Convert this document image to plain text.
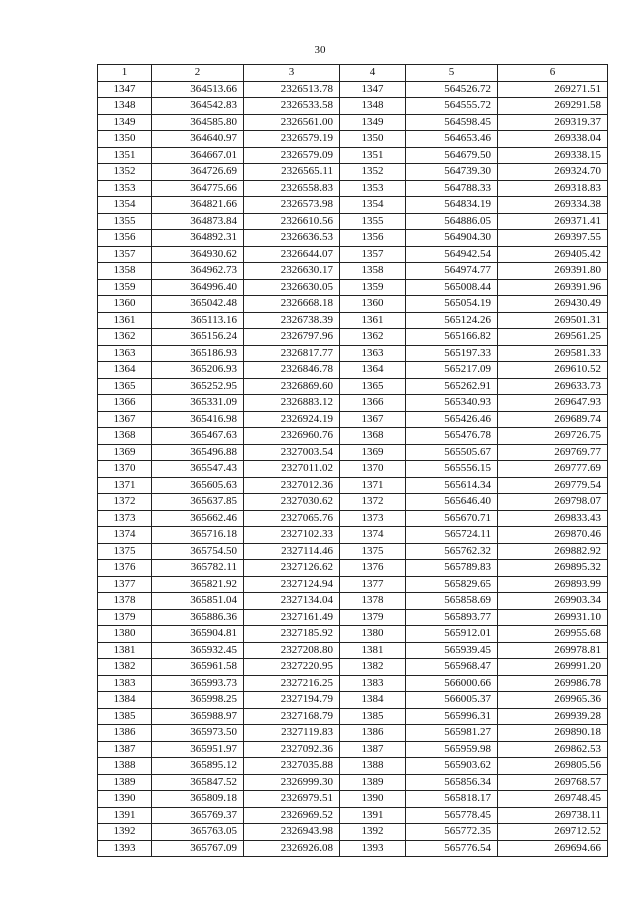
30
1	2	3	4	5	6
1347	364513.66	2326513.78	1347	564526.72	269271.51
1348	364542.83	2326533.58	1348	564555.72	269291.58
1349	364585.80	2326561.00	1349	564598.45	269319.37
1350	364640.97	2326579.19	1350	564653.46	269338.04
1351	364667.01	2326579.09	1351	564679.50	269338.15
1352	364726.69	2326565.11	1352	564739.30	269324.70
1353	364775.66	2326558.83	1353	564788.33	269318.83
1354	364821.66	2326573.98	1354	564834.19	269334.38
1355	364873.84	2326610.56	1355	564886.05	269371.41
1356	364892.31	2326636.53	1356	564904.30	269397.55
1357	364930.62	2326644.07	1357	564942.54	269405.42
1358	364962.73	2326630.17	1358	564974.77	269391.80
1359	364996.40	2326630.05	1359	565008.44	269391.96
1360	365042.48	2326668.18	1360	565054.19	269430.49
1361	365113.16	2326738.39	1361	565124.26	269501.31
1362	365156.24	2326797.96	1362	565166.82	269561.25
1363	365186.93	2326817.77	1363	565197.33	269581.33
1364	365206.93	2326846.78	1364	565217.09	269610.52
1365	365252.95	2326869.60	1365	565262.91	269633.73
1366	365331.09	2326883.12	1366	565340.93	269647.93
1367	365416.98	2326924.19	1367	565426.46	269689.74
1368	365467.63	2326960.76	1368	565476.78	269726.75
1369	365496.88	2327003.54	1369	565505.67	269769.77
1370	365547.43	2327011.02	1370	565556.15	269777.69
1371	365605.63	2327012.36	1371	565614.34	269779.54
1372	365637.85	2327030.62	1372	565646.40	269798.07
1373	365662.46	2327065.76	1373	565670.71	269833.43
1374	365716.18	2327102.33	1374	565724.11	269870.46
1375	365754.50	2327114.46	1375	565762.32	269882.92
1376	365782.11	2327126.62	1376	565789.83	269895.32
1377	365821.92	2327124.94	1377	565829.65	269893.99
1378	365851.04	2327134.04	1378	565858.69	269903.34
1379	365886.36	2327161.49	1379	565893.77	269931.10
1380	365904.81	2327185.92	1380	565912.01	269955.68
1381	365932.45	2327208.80	1381	565939.45	269978.81
1382	365961.58	2327220.95	1382	565968.47	269991.20
1383	365993.73	2327216.25	1383	566000.66	269986.78
1384	365998.25	2327194.79	1384	566005.37	269965.36
1385	365988.97	2327168.79	1385	565996.31	269939.28
1386	365973.50	2327119.83	1386	565981.27	269890.18
1387	365951.97	2327092.36	1387	565959.98	269862.53
1388	365895.12	2327035.88	1388	565903.62	269805.56
1389	365847.52	2326999.30	1389	565856.34	269768.57
1390	365809.18	2326979.51	1390	565818.17	269748.45
1391	365769.37	2326969.52	1391	565778.45	269738.11
1392	365763.05	2326943.98	1392	565772.35	269712.52
1393	365767.09	2326926.08	1393	565776.54	269694.66
